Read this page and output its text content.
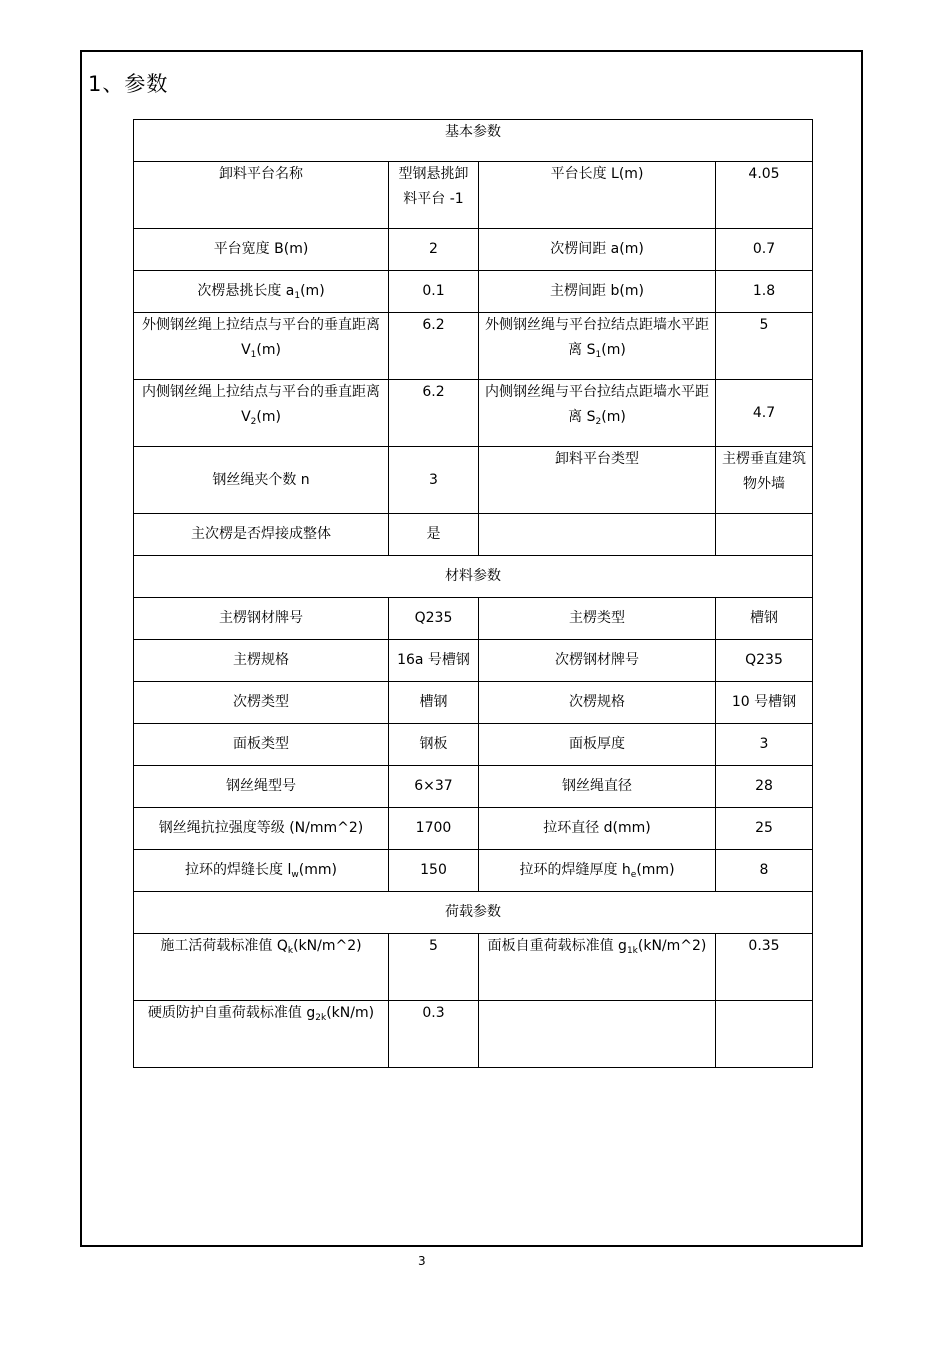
1、参数
基本参数			
卸料平台名称	型钢悬挑卸料平台 -1	平台长度 L(m)	4.05
平台宽度 B(m)	2	次楞间距 a(m)	0.7
次楞悬挑长度 $a_1(m)$	0.1	主楞间距 b(m)	1.8
外侧钢丝绳上拉结点与平台的垂直距离 $V_1(m)$	6.2	外侧钢丝绳与平台拉结点距墙水平距离 $S_1(m)$	5
内侧钢丝绳上拉结点与平台的垂直距离 $V_2(m)$	6.2	内侧钢丝绳与平台拉结点距墙水平距离 $S_2(m)$	4.7
钢丝绳夹个数 n	3	卸料平台类型	主楞垂直建筑物外墙
主次楞是否焊接成整体	是		
材料参数			
主楞钢材牌号	Q235	主楞类型	槽钢
主楞规格	16a 号槽钢	次楞钢材牌号	Q235
次楞类型	槽钢	次楞规格	10 号槽钢
面板类型	钢板	面板厚度	3
钢丝绳型号	6×37	钢丝绳直径	28
钢丝绳抗拉强度等级 (N/mm^2)	1700	拉环直径 d(mm)	25
拉环的焊缝长度 $l_w(mm)$	150	拉环的焊缝厚度 $h_e(mm)$	8
荷载参数			
施工活荷载标准值 $Q_k(kN/m\^{}2)$	5	面板自重荷载标准值 $g_{1k}(kN/m\^{}2)$	0.35
硬质防护自重荷载标准值 $g_{2k}(kN/m)$	0.3		
3
